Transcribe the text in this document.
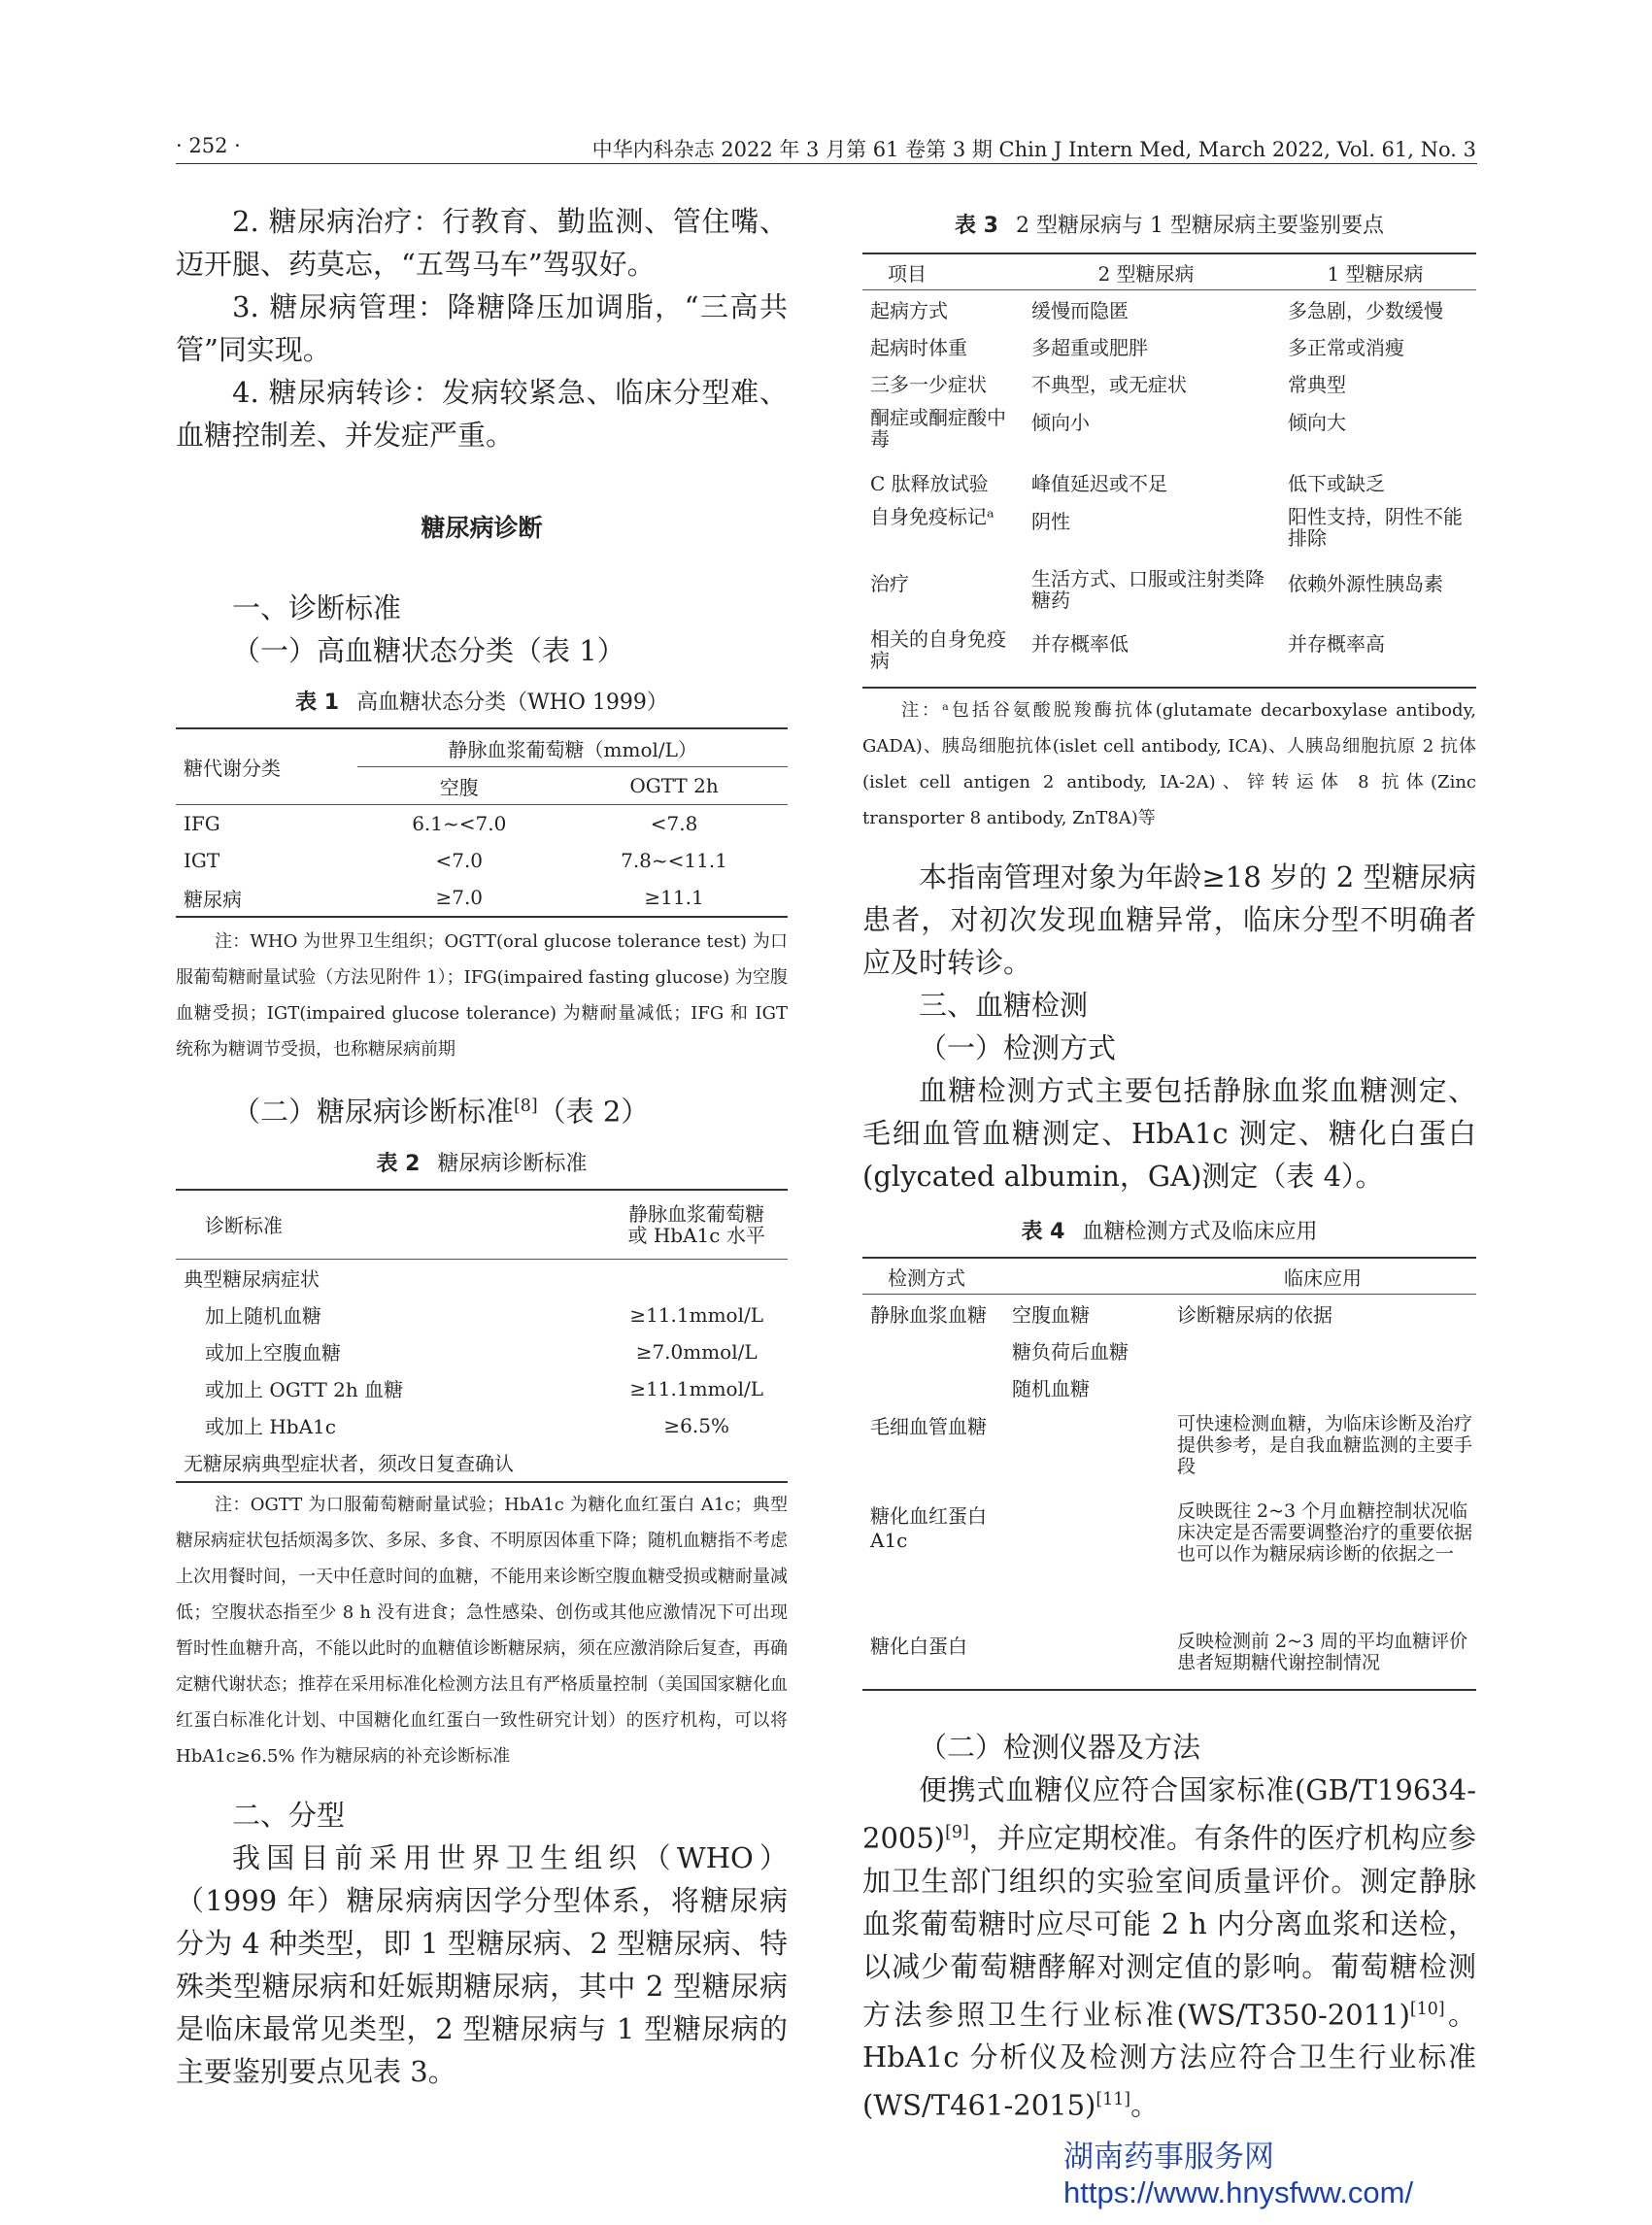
· 252 ·	中华内科杂志 2022 年 3 月第 61 卷第 3 期 Chin J Intern Med, March 2022, Vol. 61, No. 3

2. 糖尿病治疗：行教育、勤监测、管住嘴、迈开腿、药莫忘，“五驾马车”驾驭好。

3. 糖尿病管理：降糖降压加调脂，“三高共管”同实现。

4. 糖尿病转诊：发病较紧急、临床分型难、血糖控制差、并发症严重。

糖尿病诊断

一、诊断标准

（一）高血糖状态分类（表 1）

表 1 高血糖状态分类（WHO 1999）

糖代谢分类	静脉血浆葡萄糖（mmol/L）	
	空腹	OGTT 2h
IFG	6.1~<7.0	<7.8
IGT	<7.0	7.8~<11.1
糖尿病	≥7.0	≥11.1

注：WHO 为世界卫生组织；OGTT(oral glucose tolerance test) 为口服葡萄糖耐量试验（方法见附件 1）；IFG(impaired fasting glucose) 为空腹血糖受损；IGT(impaired glucose tolerance) 为糖耐量减低；IFG 和 IGT 统称为糖调节受损，也称糖尿病前期

（二）糖尿病诊断标准[8]（表 2）

表 2 糖尿病诊断标准

诊断标准	静脉血浆葡萄糖
或 HbA1c 水平

典型糖尿病症状	
加上随机血糖	≥11.1mmol/L
或加上空腹血糖	≥7.0mmol/L
或加上 OGTT 2h 血糖	≥11.1mmol/L
或加上 HbA1c	≥6.5%
无糖尿病典型症状者，须改日复查确认	

注：OGTT 为口服葡萄糖耐量试验；HbA1c 为糖化血红蛋白 A1c；典型糖尿病症状包括烦渴多饮、多尿、多食、不明原因体重下降；随机血糖指不考虑上次用餐时间，一天中任意时间的血糖，不能用来诊断空腹血糖受损或糖耐量减低；空腹状态指至少 8 h 没有进食；急性感染、创伤或其他应激情况下可出现暂时性血糖升高，不能以此时的血糖值诊断糖尿病，须在应激消除后复查，再确定糖代谢状态；推荐在采用标准化检测方法且有严格质量控制（美国国家糖化血红蛋白标准化计划、中国糖化血红蛋白一致性研究计划）的医疗机构，可以将 HbA1c≥6.5% 作为糖尿病的补充诊断标准

二、分型

我国目前采用世界卫生组织（WHO）（1999 年）糖尿病病因学分型体系，将糖尿病分为 4 种类型，即 1 型糖尿病、2 型糖尿病、特殊类型糖尿病和妊娠期糖尿病，其中 2 型糖尿病是临床最常见类型，2 型糖尿病与 1 型糖尿病的主要鉴别要点见表 3。

表 3 2 型糖尿病与 1 型糖尿病主要鉴别要点

项目	2 型糖尿病	1 型糖尿病
起病方式	缓慢而隐匿	多急剧，少数缓慢
起病时体重	多超重或肥胖	多正常或消瘦
三多一少症状	不典型，或无症状	常典型
酮症或酮症酸中毒	倾向小	倾向大
C 肽释放试验	峰值延迟或不足	低下或缺乏
自身免疫标记ᵃ	阴性	阳性支持，阴性不能排除
治疗	生活方式、口服或注射类降糖药	依赖外源性胰岛素
相关的自身免疫病	并存概率低	并存概率高

注：ᵃ包括谷氨酸脱羧酶抗体(glutamate decarboxylase antibody, GADA)、胰岛细胞抗体(islet cell antibody, ICA)、人胰岛细胞抗原 2 抗体(islet cell antigen 2 antibody, IA-2A)、锌转运体 8 抗体(Zinc transporter 8 antibody, ZnT8A)等

本指南管理对象为年龄≥18 岁的 2 型糖尿病患者，对初次发现血糖异常，临床分型不明确者应及时转诊。

三、血糖检测

（一）检测方式

血糖检测方式主要包括静脉血浆血糖测定、毛细血管血糖测定、HbA1c 测定、糖化白蛋白(glycated albumin，GA)测定（表 4）。

表 4 血糖检测方式及临床应用

检测方式		临床应用
静脉血浆血糖	空腹血糖	诊断糖尿病的依据
	糖负荷后血糖	
	随机血糖	
毛细血管血糖		可快速检测血糖，为临床诊断及治疗提供参考，是自我血糖监测的主要手段
糖化血红蛋白 A1c		反映既往 2~3 个月血糖控制状况临床决定是否需要调整治疗的重要依据 也可以作为糖尿病诊断的依据之一
糖化白蛋白		反映检测前 2~3 周的平均血糖评价患者短期糖代谢控制情况

（二）检测仪器及方法

便携式血糖仪应符合国家标准(GB/T19634-2005)[9]，并应定期校准。有条件的医疗机构应参加卫生部门组织的实验室间质量评价。测定静脉血浆葡萄糖时应尽可能 2 h 内分离血浆和送检，以减少葡萄糖酵解对测定值的影响。葡萄糖检测方法参照卫生行业标准(WS/T350-2011)[10]。HbA1c 分析仪及检测方法应符合卫生行业标准(WS/T461-2015)[11]。

湖南药事服务网
https://www.hnysfww.com/
